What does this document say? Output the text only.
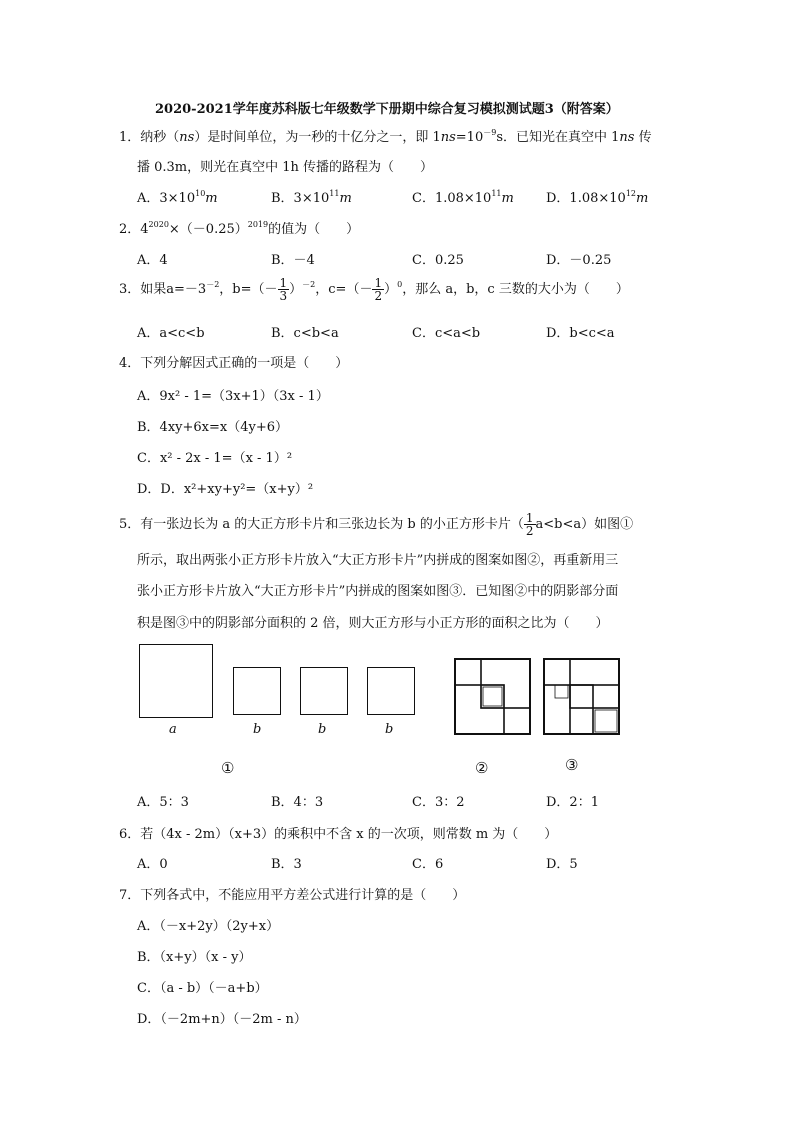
2020-2021学年度苏科版七年级数学下册期中综合复习模拟测试题3（附答案）
1．纳秒（ns）是时间单位，为一秒的十亿分之一，即 $1ns=10^{-9}s$．已知光在真空中 1ns 传
播 0.3m，则光在真空中 1h 传播的路程为（　　）
A．$3\times 10^{10}m$	B．$3\times 10^{11}m$	C．$1.08\times 10^{11}m$ D．$1.08\times 10^{12}m$
2．$4^{2020}\times(-0.25)^{2019}$的值为（　　）
A．4	B．－4	C．0.25	D．－0.25
3．如果$a=-3^{-2}$，$b=(- \frac{1}{3} )^{-2}$，$c=(- \frac{1}{2} )^0$，那么 a，b，c 三数的大小为（　　）
A．a<c<b	B．c<b<a	C．c<a<b	D．b<c<a
4．下列分解因式正确的一项是（　　）
A．9x² - 1=（3x+1）（3x - 1）
B．4xy+6x=x（4y+6）
C．x² - 2x - 1=（x - 1）²
D．D．x²+xy+y²=（x+y）²
5．有一张边长为 a 的大正方形卡片和三张边长为 b 的小正方形卡片（ $\frac{1}{2} a<b<a$）如图①
所示，取出两张小正方形卡片放入“大正方形卡片”内拼成的图案如图②，再重新用三
张小正方形卡片放入“大正方形卡片”内拼成的图案如图③．已知图②中的阴影部分面
积是图③中的阴影部分面积的 2 倍，则大正方形与小正方形的面积之比为（　　）
a	b	b	b
①	②	③
A．5：3	B．4：3	C．3：2	D．2：1
6．若（4x - 2m）（x+3）的乘积中不含 x 的一次项，则常数 m 为（　　）
A．0	B．3	C．6	D．5
7．下列各式中，不能应用平方差公式进行计算的是（　　）
A．（－x+2y）（2y+x）
B．（x+y）（x - y）
C．（a - b）（－a+b）
D．（－2m+n）（－2m - n）
